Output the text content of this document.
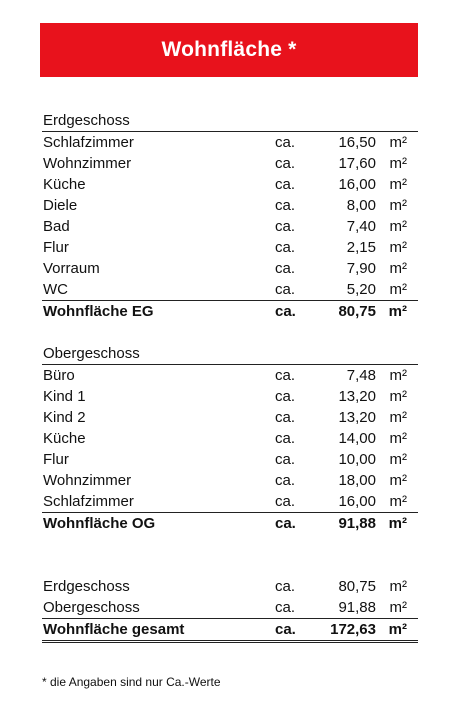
Wohnfläche *
Erdgeschoss
Schlafzimmer	ca.	16,50 m²
Wohnzimmer	ca.	17,60 m²
Küche	ca.	16,00 m²
Diele	ca.	8,00 m²
Bad	ca.	7,40 m²
Flur	ca.	2,15 m²
Vorraum	ca.	7,90 m²
WC	ca.	5,20 m²
Wohnfläche EG	ca.	80,75 m²
Obergeschoss
Büro	ca.	7,48 m²
Kind 1	ca.	13,20 m²
Kind 2	ca.	13,20 m²
Küche	ca.	14,00 m²
Flur	ca.	10,00 m²
Wohnzimmer	ca.	18,00 m²
Schlafzimmer	ca.	16,00 m²
Wohnfläche OG	ca.	91,88 m²
Erdgeschoss	ca.	80,75 m²
Obergeschoss	ca.	91,88 m²
Wohnfläche gesamt	ca. 172,63 m²
* die Angaben sind nur Ca.-Werte
